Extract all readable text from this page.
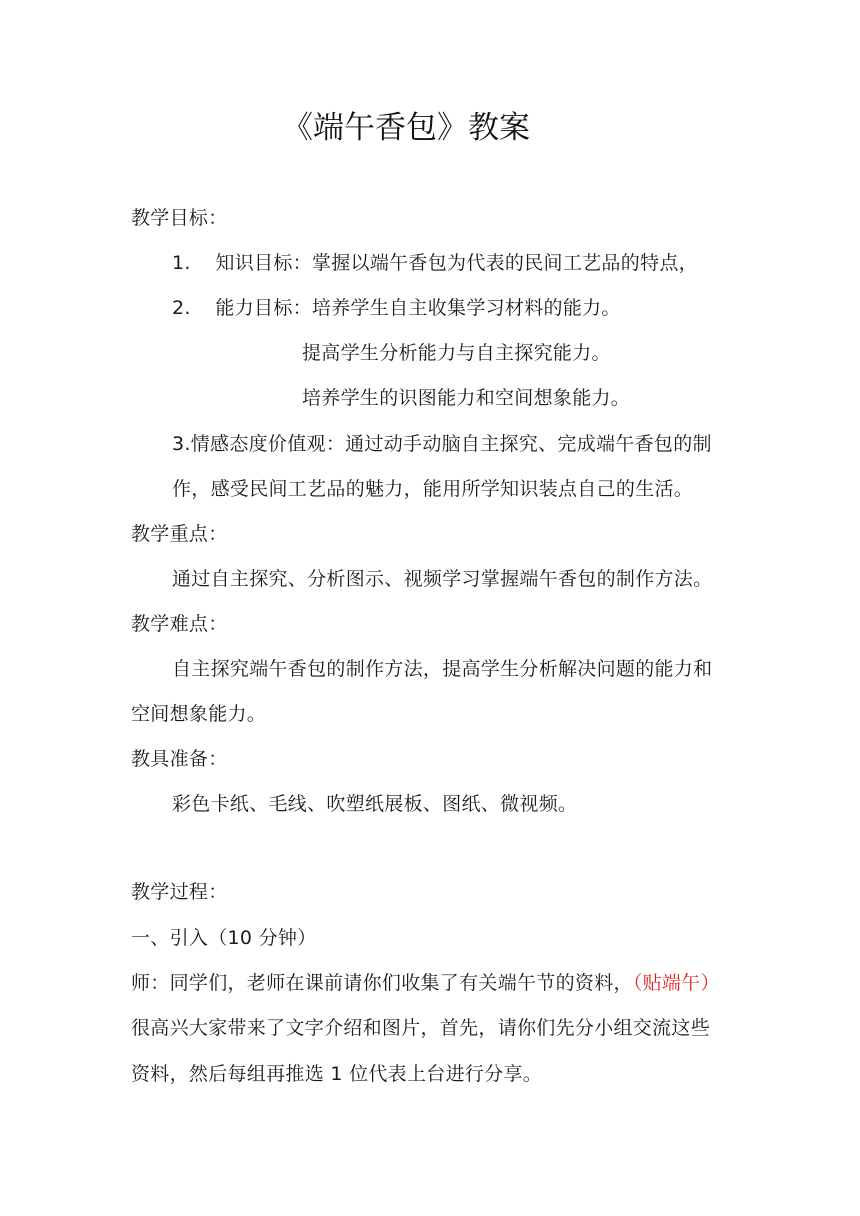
《端午香包》教案
教学目标：
1. 知识目标：掌握以端午香包为代表的民间工艺品的特点，
2. 能力目标：培养学生自主收集学习材料的能力。
提高学生分析能力与自主探究能力。
培养学生的识图能力和空间想象能力。
3.情感态度价值观：通过动手动脑自主探究、完成端午香包的制
作，感受民间工艺品的魅力，能用所学知识装点自己的生活。
教学重点：
通过自主探究、分析图示、视频学习掌握端午香包的制作方法。
教学难点：
自主探究端午香包的制作方法，提高学生分析解决问题的能力和
空间想象能力。
教具准备：
彩色卡纸、毛线、吹塑纸展板、图纸、微视频。
教学过程：
一、引入（10 分钟）
师：同学们，老师在课前请你们收集了有关端午节的资料，（贴端午）
很高兴大家带来了文字介绍和图片，首先，请你们先分小组交流这些
资料，然后每组再推选 1 位代表上台进行分享。
